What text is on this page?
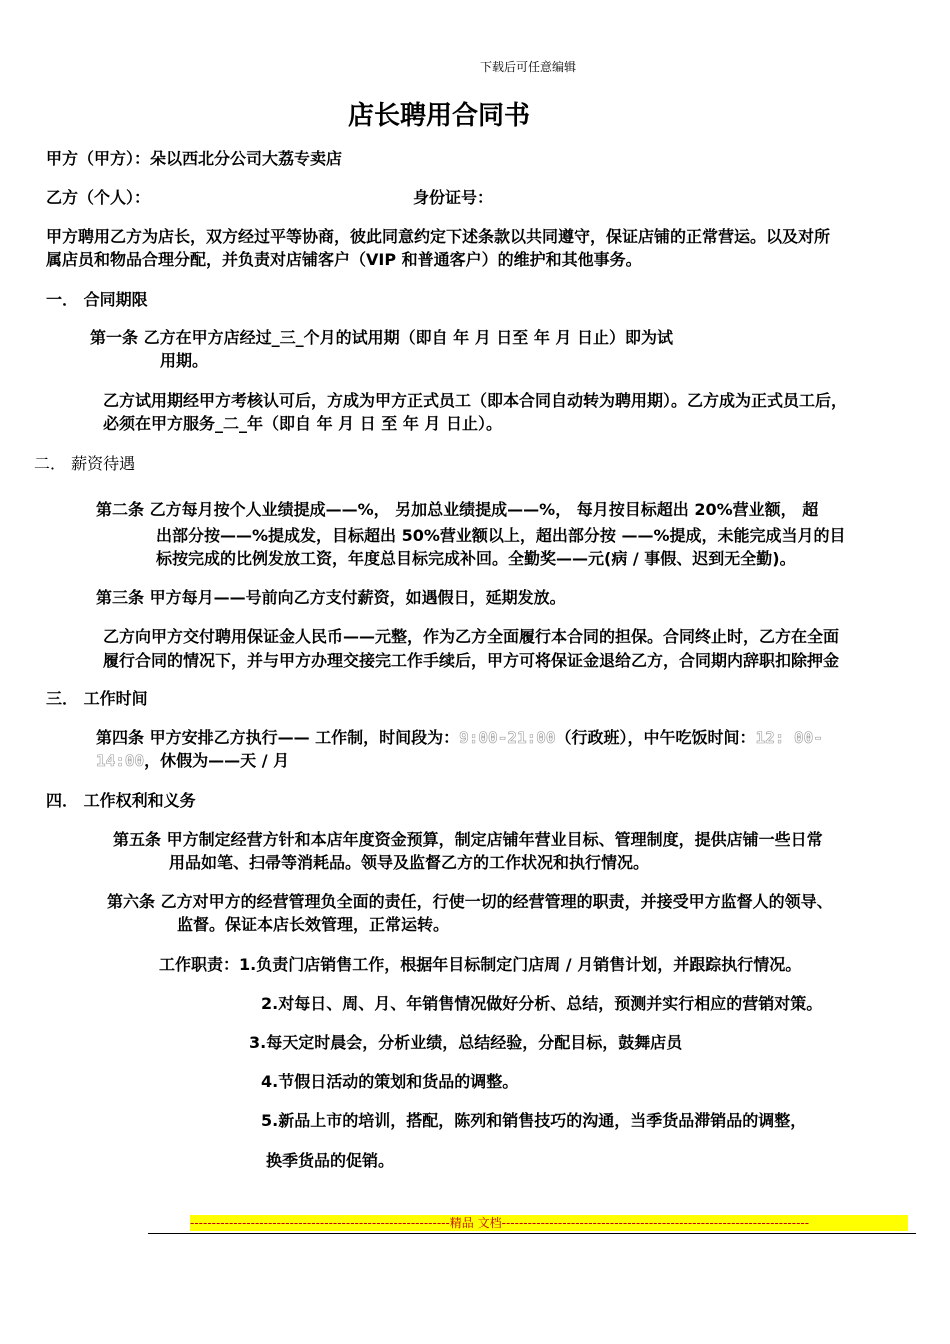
下载后可任意编辑
店长聘用合同书
甲方（甲方）：朵以西北分公司大荔专卖店
乙方（个人）：	身份证号：
甲方聘用乙方为店长，双方经过平等协商，彼此同意约定下述条款以共同遵守，保证店铺的正常营运。以及对所
属店员和物品合理分配，并负责对店铺客户（VIP 和普通客户）的维护和其他事务。
一． 合同期限
第一条 乙方在甲方店经过_三_个月的试用期（即自 年 月 日至 年 月 日止）即为试
用期。
乙方试用期经甲方考核认可后，方成为甲方正式员工（即本合同自动转为聘用期）。乙方成为正式员工后，
必须在甲方服务_二_年（即自 年 月 日 至 年 月 日止）。
二． 薪资待遇
第二条 乙方每月按个人业绩提成——%， 另加总业绩提成——%， 每月按目标超出 20%营业额， 超
出部分按——%提成发，目标超出 50%营业额以上，超出部分按 ——%提成，未能完成当月的目
标按完成的比例发放工资，年度总目标完成补回。全勤奖——元(病 / 事假、迟到无全勤)。
第三条 甲方每月——号前向乙方支付薪资，如遇假日，延期发放。
乙方向甲方交付聘用保证金人民币——元整，作为乙方全面履行本合同的担保。合同终止时，乙方在全面
履行合同的情况下，并与甲方办理交接完工作手续后，甲方可将保证金退给乙方，合同期内辞职扣除押金
三． 工作时间
第四条 甲方安排乙方执行—— 工作制，时间段为：9:00-21:00（行政班），中午吃饭时间：12: 00-
14:00，休假为——天 / 月
四． 工作权利和义务
第五条 甲方制定经营方针和本店年度资金预算，制定店铺年营业目标、管理制度，提供店铺一些日常
用品如笔、扫帚等消耗品。领导及监督乙方的工作状况和执行情况。
第六条 乙方对甲方的经营管理负全面的责任，行使一切的经营管理的职责，并接受甲方监督人的领导、
监督。保证本店长效管理，正常运转。
工作职责：1.负责门店销售工作，根据年目标制定门店周 / 月销售计划，并跟踪执行情况。
2.对每日、周、月、年销售情况做好分析、总结，预测并实行相应的营销对策。
3.每天定时晨会，分析业绩，总结经验，分配目标，鼓舞店员
4.节假日活动的策划和货品的调整。
5.新品上市的培训，搭配，陈列和销售技巧的沟通，当季货品滞销品的调整，
换季货品的促销。
------------------------------------------------------------精品 文档-----------------------------------------------------------------------
